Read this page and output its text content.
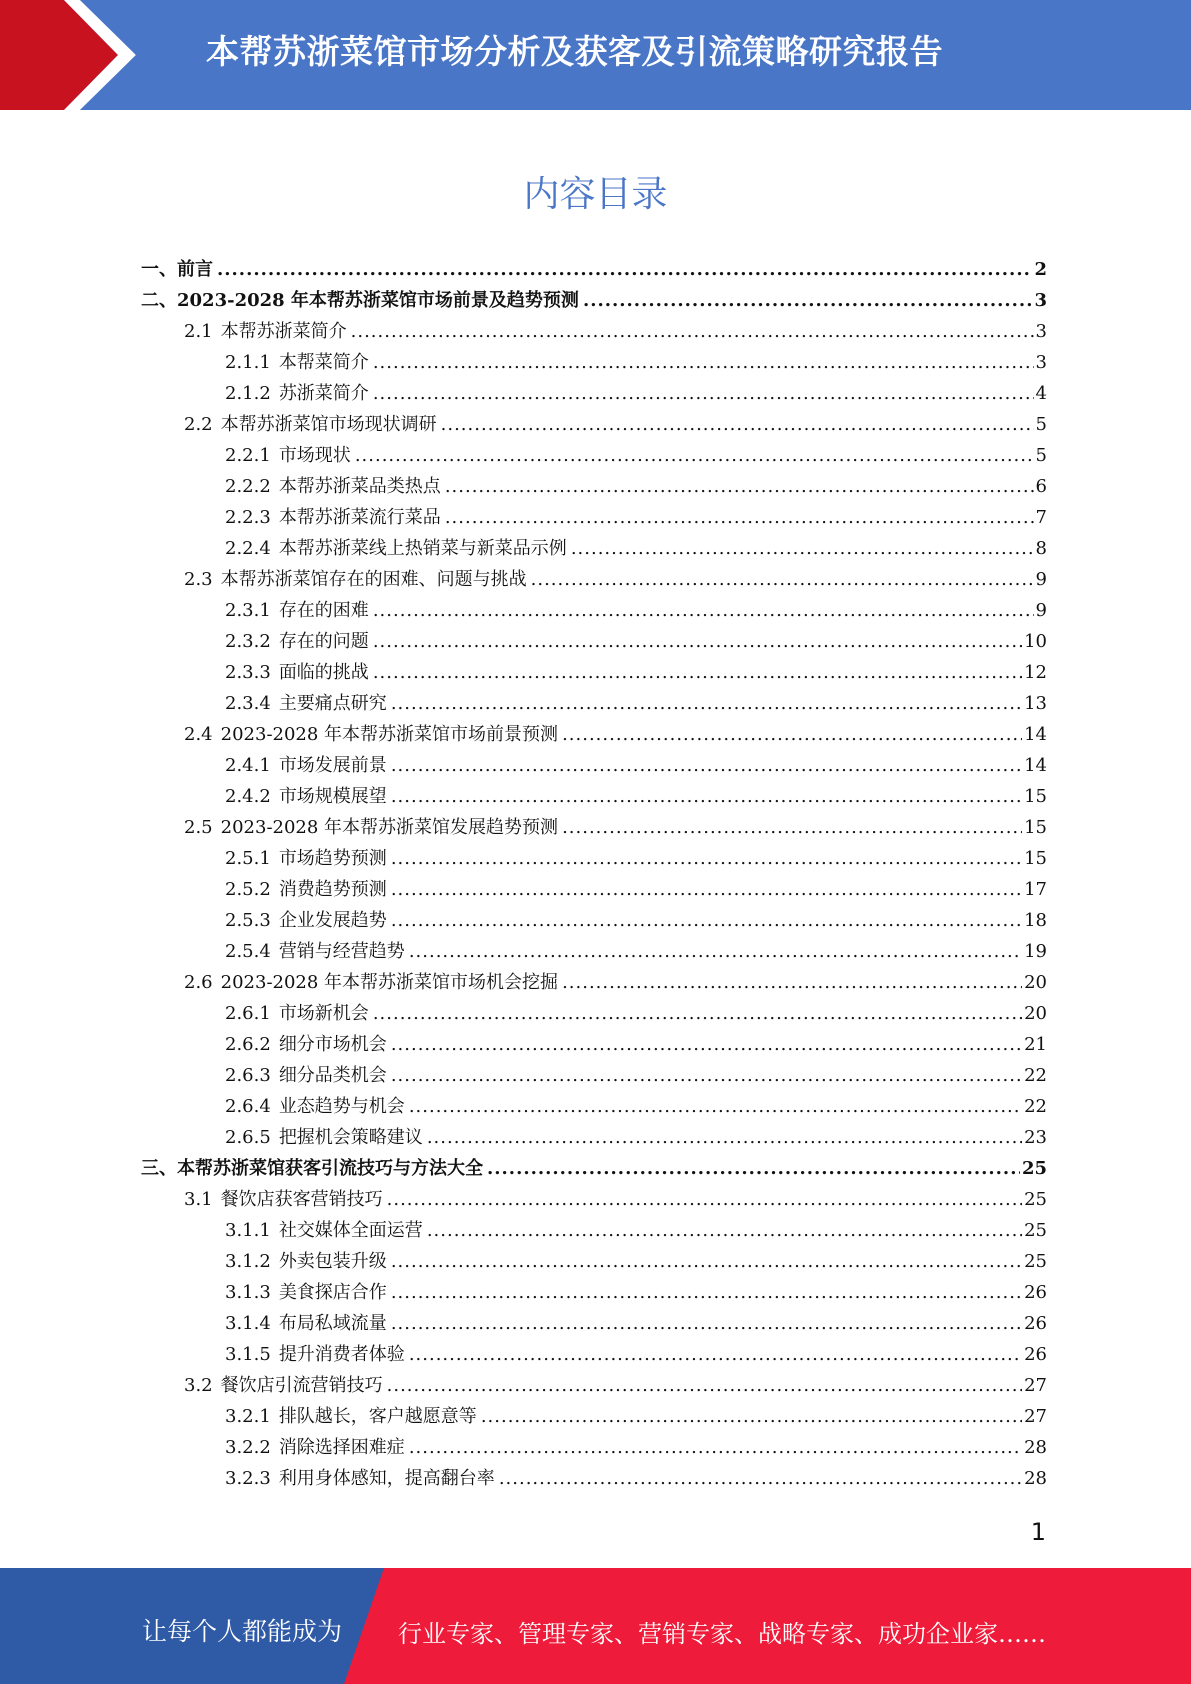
本帮苏浙菜馆市场分析及获客及引流策略研究报告
内容目录
一、 前言 .....	2
二、 2023-2028 年本帮苏浙菜馆市场前景及趋势预测 .....	3
2.1 本帮苏浙菜简介 .....	3
2.1.1 本帮菜简介 .....	3
2.1.2 苏浙菜简介 .....	4
2.2 本帮苏浙菜馆市场现状调研 .....	5
2.2.1 市场现状 .....	5
2.2.2 本帮苏浙菜品类热点 .....	6
2.2.3 本帮苏浙菜流行菜品 .....	7
2.2.4 本帮苏浙菜线上热销菜与新菜品示例 .....	8
2.3 本帮苏浙菜馆存在的困难、问题与挑战 .....	9
2.3.1 存在的困难 .....	9
2.3.2 存在的问题 .....	10
2.3.3 面临的挑战 .....	12
2.3.4 主要痛点研究 .....	13
2.4 2023-2028 年本帮苏浙菜馆市场前景预测 .....	14
2.4.1 市场发展前景 .....	14
2.4.2 市场规模展望 .....	15
2.5 2023-2028 年本帮苏浙菜馆发展趋势预测 .....	15
2.5.1 市场趋势预测 .....	15
2.5.2 消费趋势预测 .....	17
2.5.3 企业发展趋势 .....	18
2.5.4 营销与经营趋势 .....	19
2.6 2023-2028 年本帮苏浙菜馆市场机会挖掘 .....	20
2.6.1 市场新机会 .....	20
2.6.2 细分市场机会 .....	21
2.6.3 细分品类机会 .....	22
2.6.4 业态趋势与机会 .....	22
2.6.5 把握机会策略建议 .....	23
三、 本帮苏浙菜馆获客引流技巧与方法大全 .....	25
3.1 餐饮店获客营销技巧 .....	25
3.1.1 社交媒体全面运营 .....	25
3.1.2 外卖包装升级 .....	25
3.1.3 美食探店合作 .....	26
3.1.4 布局私域流量 .....	26
3.1.5 提升消费者体验 .....	26
3.2 餐饮店引流营销技巧 .....	27
3.2.1 排队越长，客户越愿意等 .....	27
3.2.2 消除选择困难症 .....	28
3.2.3 利用身体感知，提高翻台率 .....	28
1
让每个人都能成为 行业专家、管理专家、营销专家、战略专家、成功企业家……
